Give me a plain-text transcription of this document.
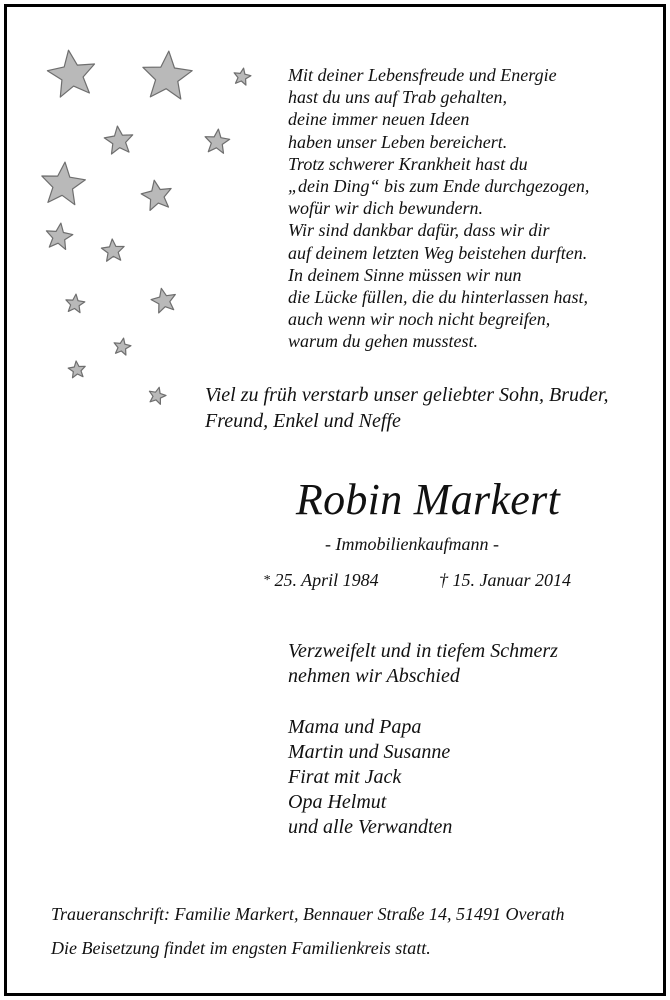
Mit deiner Lebensfreude und Energie
hast du uns auf Trab gehalten,
deine immer neuen Ideen
haben unser Leben bereichert.
Trotz schwerer Krankheit hast du
„dein Ding“ bis zum Ende durchgezogen,
wofür wir dich bewundern.
Wir sind dankbar dafür, dass wir dir
auf deinem letzten Weg beistehen durften.
In deinem Sinne müssen wir nun
die Lücke füllen, die du hinterlassen hast,
auch wenn wir noch nicht begreifen,
warum du gehen musstest.
Viel zu früh verstarb unser geliebter Sohn, Bruder,
Freund, Enkel und Neffe
Robin Markert
- Immobilienkaufmann -
* 25. April 1984	† 15. Januar 2014
Verzweifelt und in tiefem Schmerz
nehmen wir Abschied
Mama und Papa
Martin und Susanne
Firat mit Jack
Opa Helmut
und alle Verwandten
Traueranschrift: Familie Markert, Bennauer Straße 14, 51491 Overath
Die Beisetzung findet im engsten Familienkreis statt.
